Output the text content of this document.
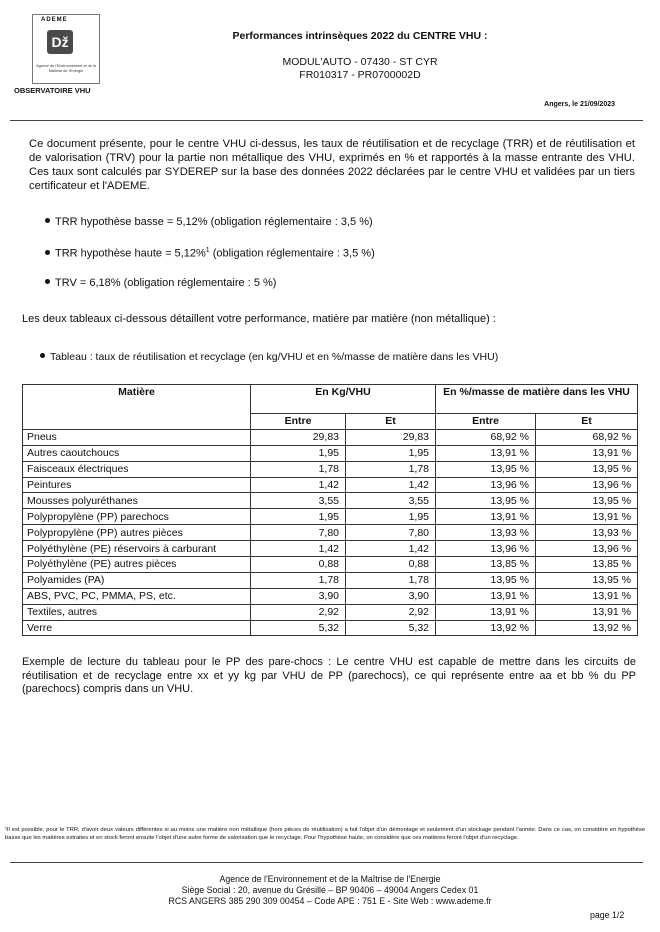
ADEME
ǅ
Agence de l'Environnement et de la Maîtrise de l'Energie
OBSERVATOIRE VHU
Performances intrinsèques 2022 du CENTRE VHU :
MODUL'AUTO - 07430 - ST CYR
FR010317 - PR0700002D
Angers, le 21/09/2023
Ce document présente, pour le centre VHU ci-dessus, les taux de réutilisation et de recyclage (TRR) et de réutilisation et de valorisation (TRV) pour la partie non métallique des VHU, exprimés en % et rapportés à la masse entrante des VHU. Ces taux sont calculés par SYDEREP sur la base des données 2022 déclarées par le centre VHU et validées par un tiers certificateur et l'ADEME.
TRR hypothèse basse = 5,12% (obligation réglementaire : 3,5 %)
TRR hypothèse haute = 5,12%$^1$ (obligation réglementaire : 3,5 %)
TRV = 6,18% (obligation réglementaire : 5 %)
Les deux tableaux ci-dessous détaillent votre performance, matière par matière (non métallique) :
Tableau : taux de réutilisation et recyclage (en kg/VHU et en %/masse de matière dans les VHU)
Matière	En Kg/VHU		En %/masse de matière dans les VHU	
	Entre	Et	Entre	Et
Pneus	29,83	29,83	68,92 %	68,92 %
Autres caoutchoucs	1,95	1,95	13,91 %	13,91 %
Faisceaux électriques	1,78	1,78	13,95 %	13,95 %
Peintures	1,42	1,42	13,96 %	13,96 %
Mousses polyuréthanes	3,55	3,55	13,95 %	13,95 %
Polypropylène (PP) parechocs	1,95	1,95	13,91 %	13,91 %
Polypropylène (PP) autres pièces	7,80	7,80	13,93 %	13,93 %
Polyéthylène (PE) réservoirs à carburant	1,42	1,42	13,96 %	13,96 %
Polyéthylène (PE) autres pièces	0,88	0,88	13,85 %	13,85 %
Polyamides (PA)	1,78	1,78	13,95 %	13,95 %
ABS, PVC, PC, PMMA, PS, etc.	3,90	3,90	13,91 %	13,91 %
Textiles, autres	2,92	2,92	13,91 %	13,91 %
Verre	5,32	5,32	13,92 %	13,92 %
Exemple de lecture du tableau pour le PP des pare-chocs : Le centre VHU est capable de mettre dans les circuits de réutilisation et de recyclage entre xx et yy kg par VHU de PP (parechocs), ce qui représente entre aa et bb % du PP (parechocs) compris dans un VHU.
¹Il est possible, pour le TRR, d'avoir deux valeurs différentes si au moins une matière non métallique (hors pièces de réutilisation) a fait l'objet d'un démontage et seulement d'un stockage pendant l'année. Dans ce cas, on considère en hypothèse basse que les matières extraites et en stock feront ensuite l'objet d'une autre forme de valorisation que le recyclage. Pour l'hypothèse haute, on considère que ces matières feront l'objet d'un recyclage.
Agence de l'Environnement et de la Maîtrise de l'Energie
Siège Social : 20, avenue du Grésillé – BP 90406 – 49004 Angers Cedex 01
RCS ANGERS 385 290 309 00454 – Code APE : 751 E - Site Web : www.ademe.fr
page 1/2
